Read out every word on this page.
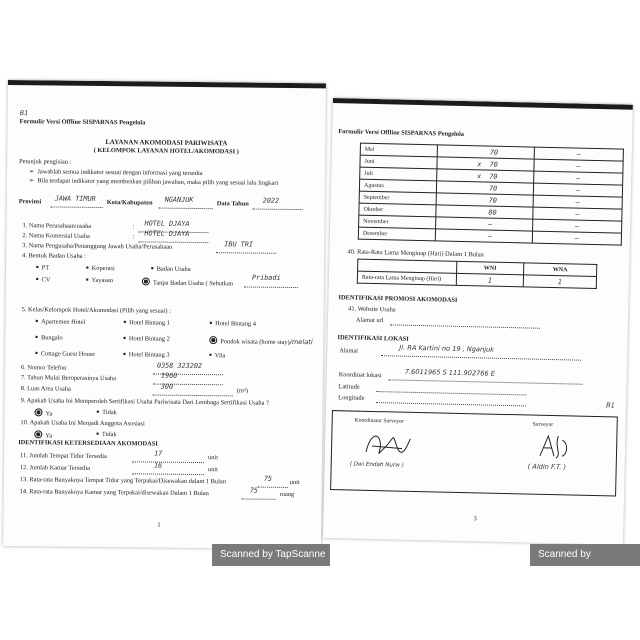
B1
Formulir Versi Offline SISPARNAS Pengelola
LAYANAN AKOMODASI PARIWISATA
( KELOMPOK LAYANAN HOTEL/AKOMODASI )
Petunjuk pengisian :
➢ Jawablah semua indikator sesuai dengan informasi yang tersedia
➢ Bila terdapat indikator yang membenkan pilihan jawaban, maka pilih yang sesuai lalu lingkari
Provinsi JAWA TIMUR Kota/Kabupaten NGANJUK	Data Tahun 2022
1. Nama Perusahaan/usaha	: HOTEL DJAYA
2. Nama Komersial Usaha	: HOTEL DJAYA
3. Nama Pengusaha/Penanggung Jawab Usaha/Perusahaan	IBU TRI
4. Bentuk Badan Usaha :
■ PT	■ Koperasi	■ Badan Usaha
■ CV	■ Yayasan	Tanpa Badan Usaha ( Sebutkan
Pribadi
5. Kelas/Kelompok Hotel/Akomodasi (Pilih yang sesuai) :
■ Apartemen Hotel	■ Hotel Bintang 1	■ Hotel Bintang 4
■ Bungalo	■ Hotel Bintang 2	Pondok wisata (home stay)/melati
■ Cottage Guest House	■ Hotel Bintang 3	■ Vila
6. Nomor Telefon	0358 323202
7. Tahun Mulai Beroperasinya Usaha	1960
8. Luas Area Usaha	300
(m²)
9. Apakah Usaha Ini Memperoleh Sertifikasi Usaha Pariwisata Dari Lembaga Sertifikasi Usaha ?
Ya	■ Tidak
10. Apakah Usaha Ini Menjadi Anggota Asosiasi
Ya	■ Tidak
IDENTIFIKASI KETERSEDIAAN AKOMODASI
11. Jumlah Tempat Tidur Tersedia	17
unit
12. Jumlah Kamar Tersedia	16
unit
13. Rata-rata Banyaknya Tempat Tidur yang Terpakai/Disewakan dalam 1 Bulan	75	unit
14. Rata-rata Banyaknya Kamar yang Terpakai/disewakan Dalam 1 Bulan	75	ruang
1
Formulir Versi Offline SISPARNAS Pengelola
Mei		70	–
Juni	x	70	–
Juli	x	70	–
Agustus		70	–
September		70	–
Oktober		80	–
November		–	–
Desember		–	–
40. Rata-Rata Lama Menginap (Hari) Dalam 1 Bulan
	WNI	WNA
Rata-rata Lama Menginap (Hari)	1	1
IDENTIFIKASI PROMOSI AKOMODASI
41. Website Usaha
Alamat url
IDENTIFIKASI LOKASI
Alamat	Jl. RA Kartini no 19 , Nganjuk
Koordinat lokasi	7.6011965 S 111.902766 E
Latitude
Longitude
B1
Koordinator Surveyor
( Dwi Endah Nurw )
Surveyor
( Aldin F.T. )
3
Scanned by TapScanne	Scanned by TapScanner
